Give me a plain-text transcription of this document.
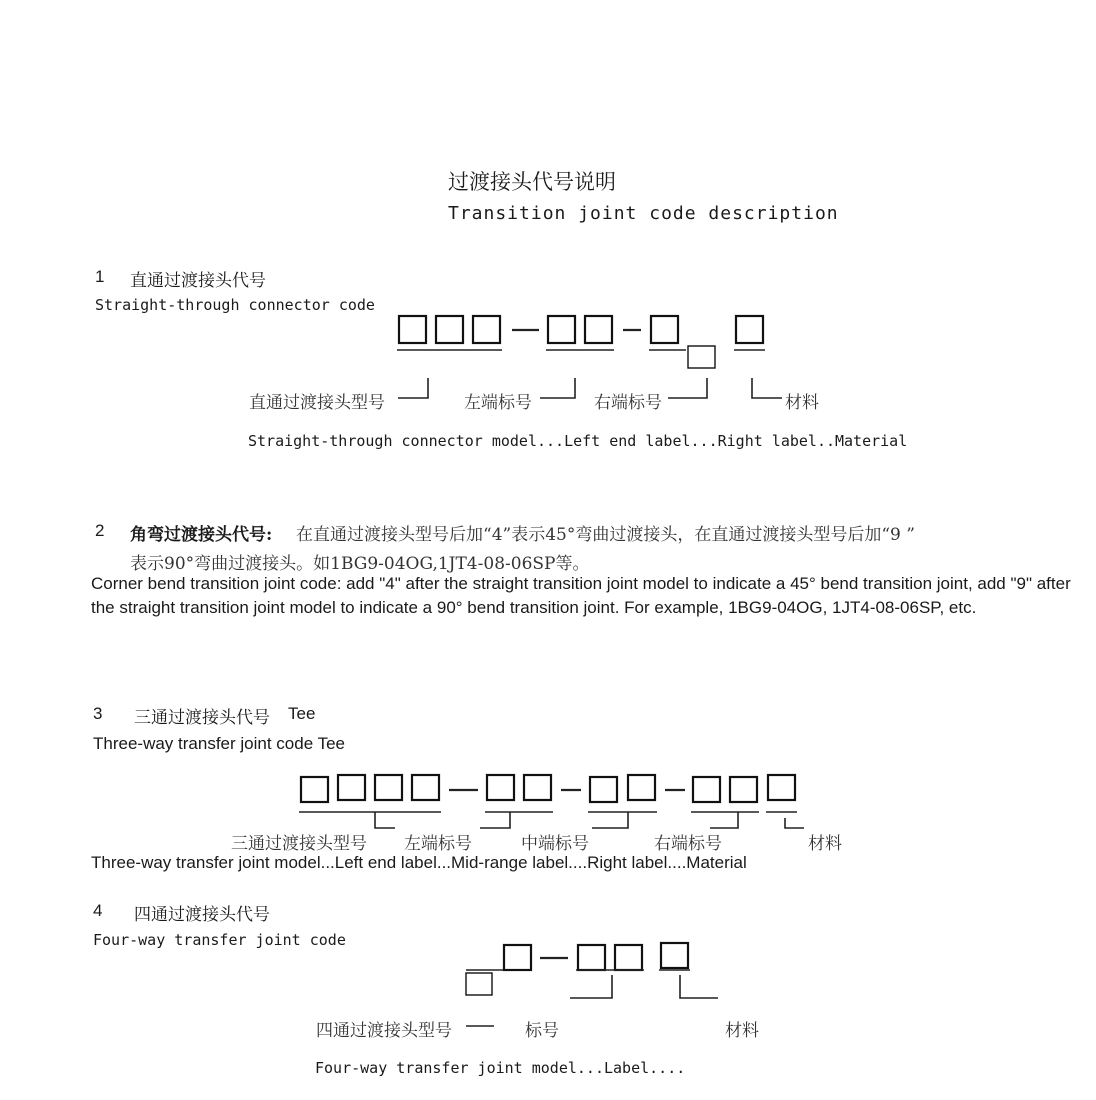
过渡接头代号说明
Transition joint code description
1 直通过渡接头代号
Straight-through connector code
直通过渡接头型号	左端标号	右端标号	材料
Straight-through connector model...Left end label...Right label..Material
2 角弯过渡接头代号: 在直通过渡接头型号后加“4”表示45°弯曲过渡接头，在直通过渡接头型号后加“9 ”
表示90°弯曲过渡接头。如1BG9-04OG,1JT4-08-06SP等。
Corner bend transition joint code: add "4" after the straight transition joint model to indicate a 45° bend transition joint, add "9" after the straight transition joint model to indicate a 90° bend transition joint. For example, 1BG9-04OG, 1JT4-08-06SP, etc.
3 三通过渡接头代号 Tee
Three-way transfer joint code Tee
三通过渡接头型号 左端标号	中端标号	右端标号	材料
Three-way transfer joint model...Left end label...Mid-range label....Right label....Material
4 四通过渡接头代号
Four-way transfer joint code
四通过渡接头型号	标号	材料
Four-way transfer joint model...Label....
